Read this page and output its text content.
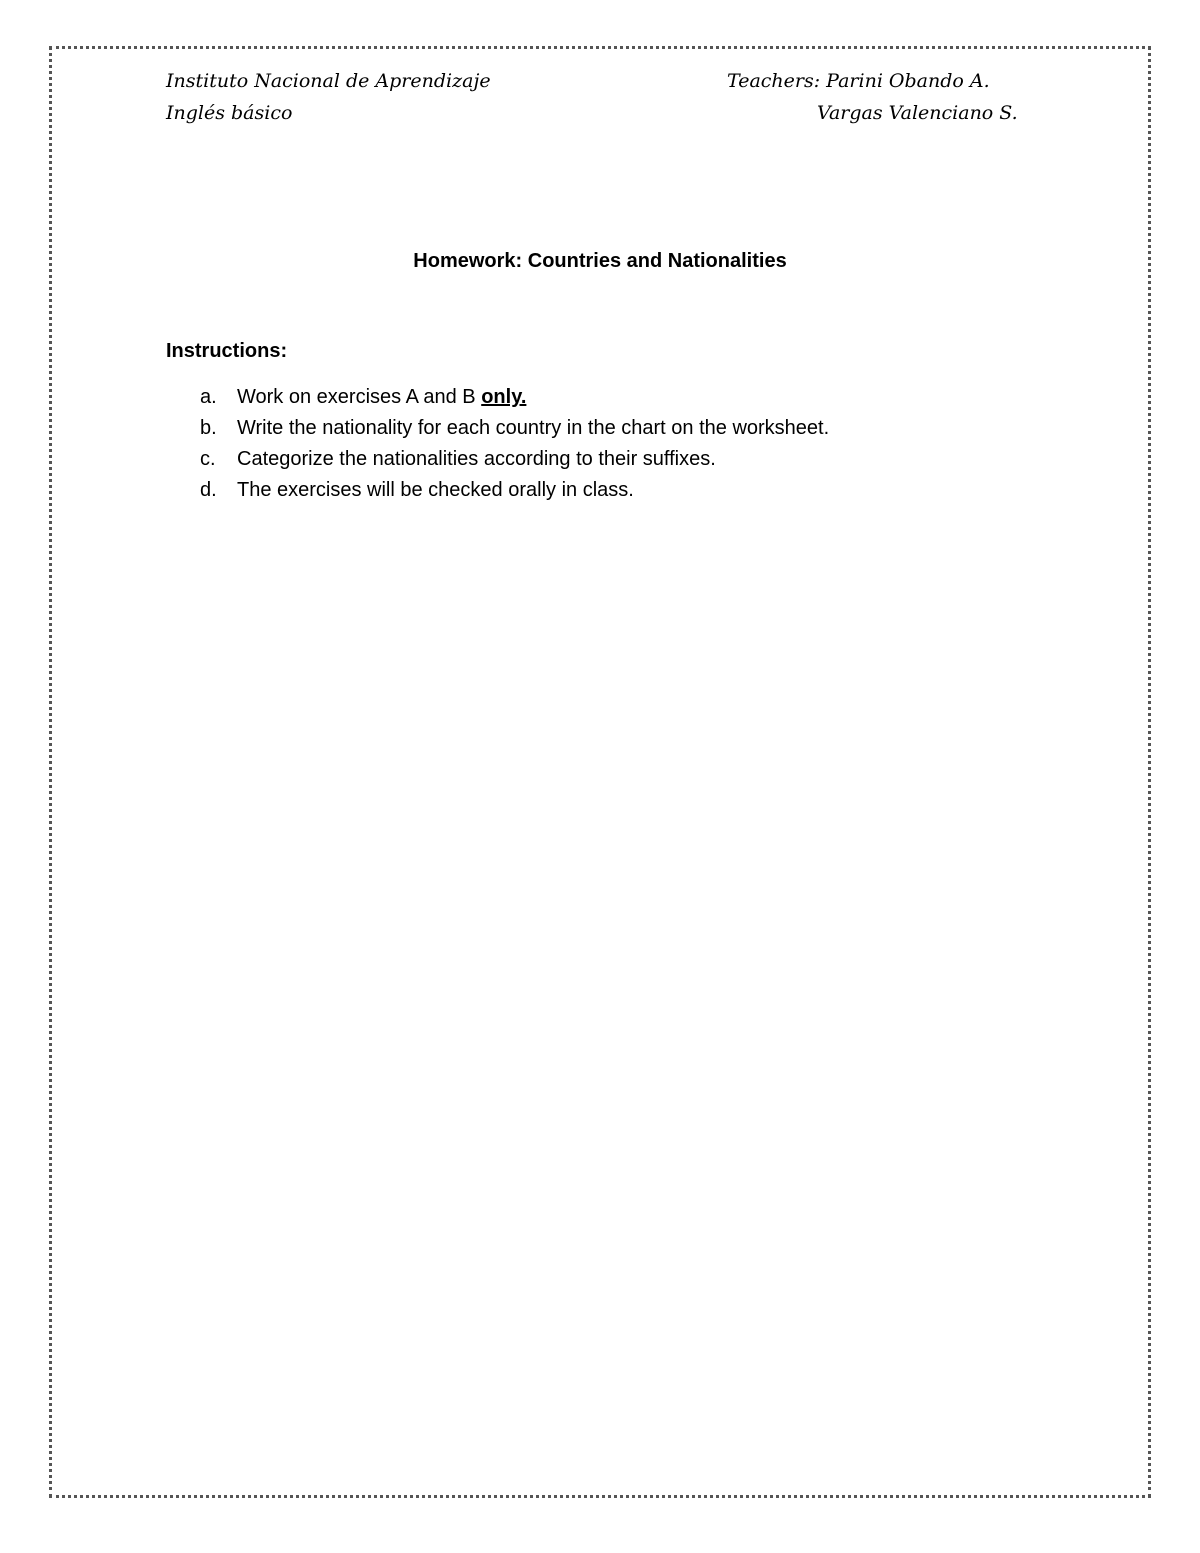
Instituto Nacional de Aprendizaje
Inglés básico
Teachers: Parini Obando A.
Vargas Valenciano S.
Homework: Countries and Nationalities
Instructions:
a.	Work on exercises A and B only.
b.	Write the nationality for each country in the chart on the worksheet.
c.	Categorize the nationalities according to their suffixes.
d.	The exercises will be checked orally in class.
